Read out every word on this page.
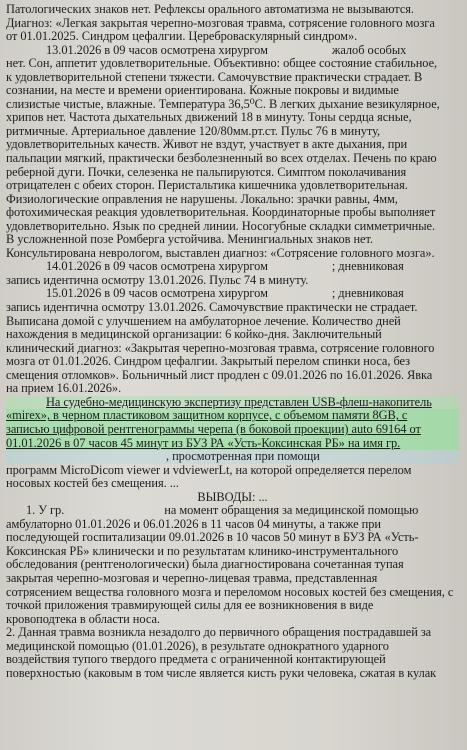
Патологических знаков нет. Рефлексы орального автоматизма не вызываются.
Диагноз: «Легкая закрытая черепно-мозговая травма, сотрясение головного мозга
от 01.01.2025. Синдром цефалгии. Цереброваскулярный синдром».
13.01.2026 в 09 часов осмотрена хирургом	жалоб особых
нет. Сон, аппетит удовлетворительные. Объективно: общее состояние стабильное,
к удовлетворительной степени тяжести. Самочувствие практически страдает. В
сознании, на месте и времени ориентирована. Кожные покровы и видимые
слизистые чистые, влажные. Температура 36,5⁰С. В легких дыхание везикулярное,
хрипов нет. Частота дыхательных движений 18 в минуту. Тоны сердца ясные,
ритмичные. Артериальное давление 120/80мм.рт.ст. Пульс 76 в минуту,
удовлетворительных качеств. Живот не вздут, участвует в акте дыхания, при
пальпации мягкий, практически безболезненный во всех отделах. Печень по краю
реберной дуги. Почки, селезенка не пальпируются. Симптом поколачивания
отрицателен с обеих сторон. Перистальтика кишечника удовлетворительная.
Физиологические оправления не нарушены. Локально: зрачки равны, 4мм,
фотохимическая реакция удовлетворительная. Координаторные пробы выполняет
удовлетворительно. Язык по средней линии. Носогубные складки симметричные.
В усложненной позе Ромберга устойчива. Менингиальных знаков нет.
Консультирована неврологом, выставлен диагноз: «Сотрясение головного мозга».
14.01.2026 в 09 часов осмотрена хирургом	; дневниковая
запись идентична осмотру 13.01.2026. Пульс 74 в минуту.
15.01.2026 в 09 часов осмотрена хирургом	; дневниковая
запись идентична осмотру 13.01.2026. Самочувствие практически не страдает.
Выписана домой с улучшением на амбулаторное лечение. Количество дней
нахождения в медицинской организации: 6 койко-дня. Заключительный
клинический диагноз: «Закрытая черепно-мозговая травма, сотрясение головного
мозга от 01.01.2026. Синдром цефалгии. Закрытый перелом спинки носа, без
смещения отломков». Больничный лист продлен с 09.01.2026 по 16.01.2026. Явка
на прием 16.01.2026».
На судебно-медицинскую экспертизу представлен USB-флеш-накопитель
«mirex», в черном пластиковом защитном корпусе, с объемом памяти 8GB, с
записью цифровой рентгенограммы черепа (в боковой проекции) auto 69164 от
01.01.2026 в 07 часов 45 минут из БУЗ РА «Усть-Коксинская РБ» на имя гр.
, просмотренная при помощи
программ MicroDicom viewer и vdviewerLt, на которой определяется перелом
носовых костей без смещения. ...
ВЫВОДЫ: ...
1. У гр.	на момент обращения за медицинской помощью
амбулаторно 01.01.2026 и 06.01.2026 в 11 часов 04 минуты, а также при
последующей госпитализации 09.01.2026 в 10 часов 50 минут в БУЗ РА «Усть-
Коксинская РБ» клинически и по результатам клинико-инструментального
обследования (рентгенологически) была диагностирована сочетанная тупая
закрытая черепно-мозговая и черепно-лицевая травма, представленная
сотрясением вещества головного мозга и переломом носовых костей без смещения, с
точкой приложения травмирующей силы для ее возникновения в виде
кровоподтека в области носа.
2. Данная травма возникла незадолго до первичного обращения пострадавшей за
медицинской помощью (01.01.2026), в результате однократного ударного
воздействия тупого твердого предмета с ограниченной контактирующей
поверхностью (каковым в том числе является кисть руки человека, сжатая в кулак
